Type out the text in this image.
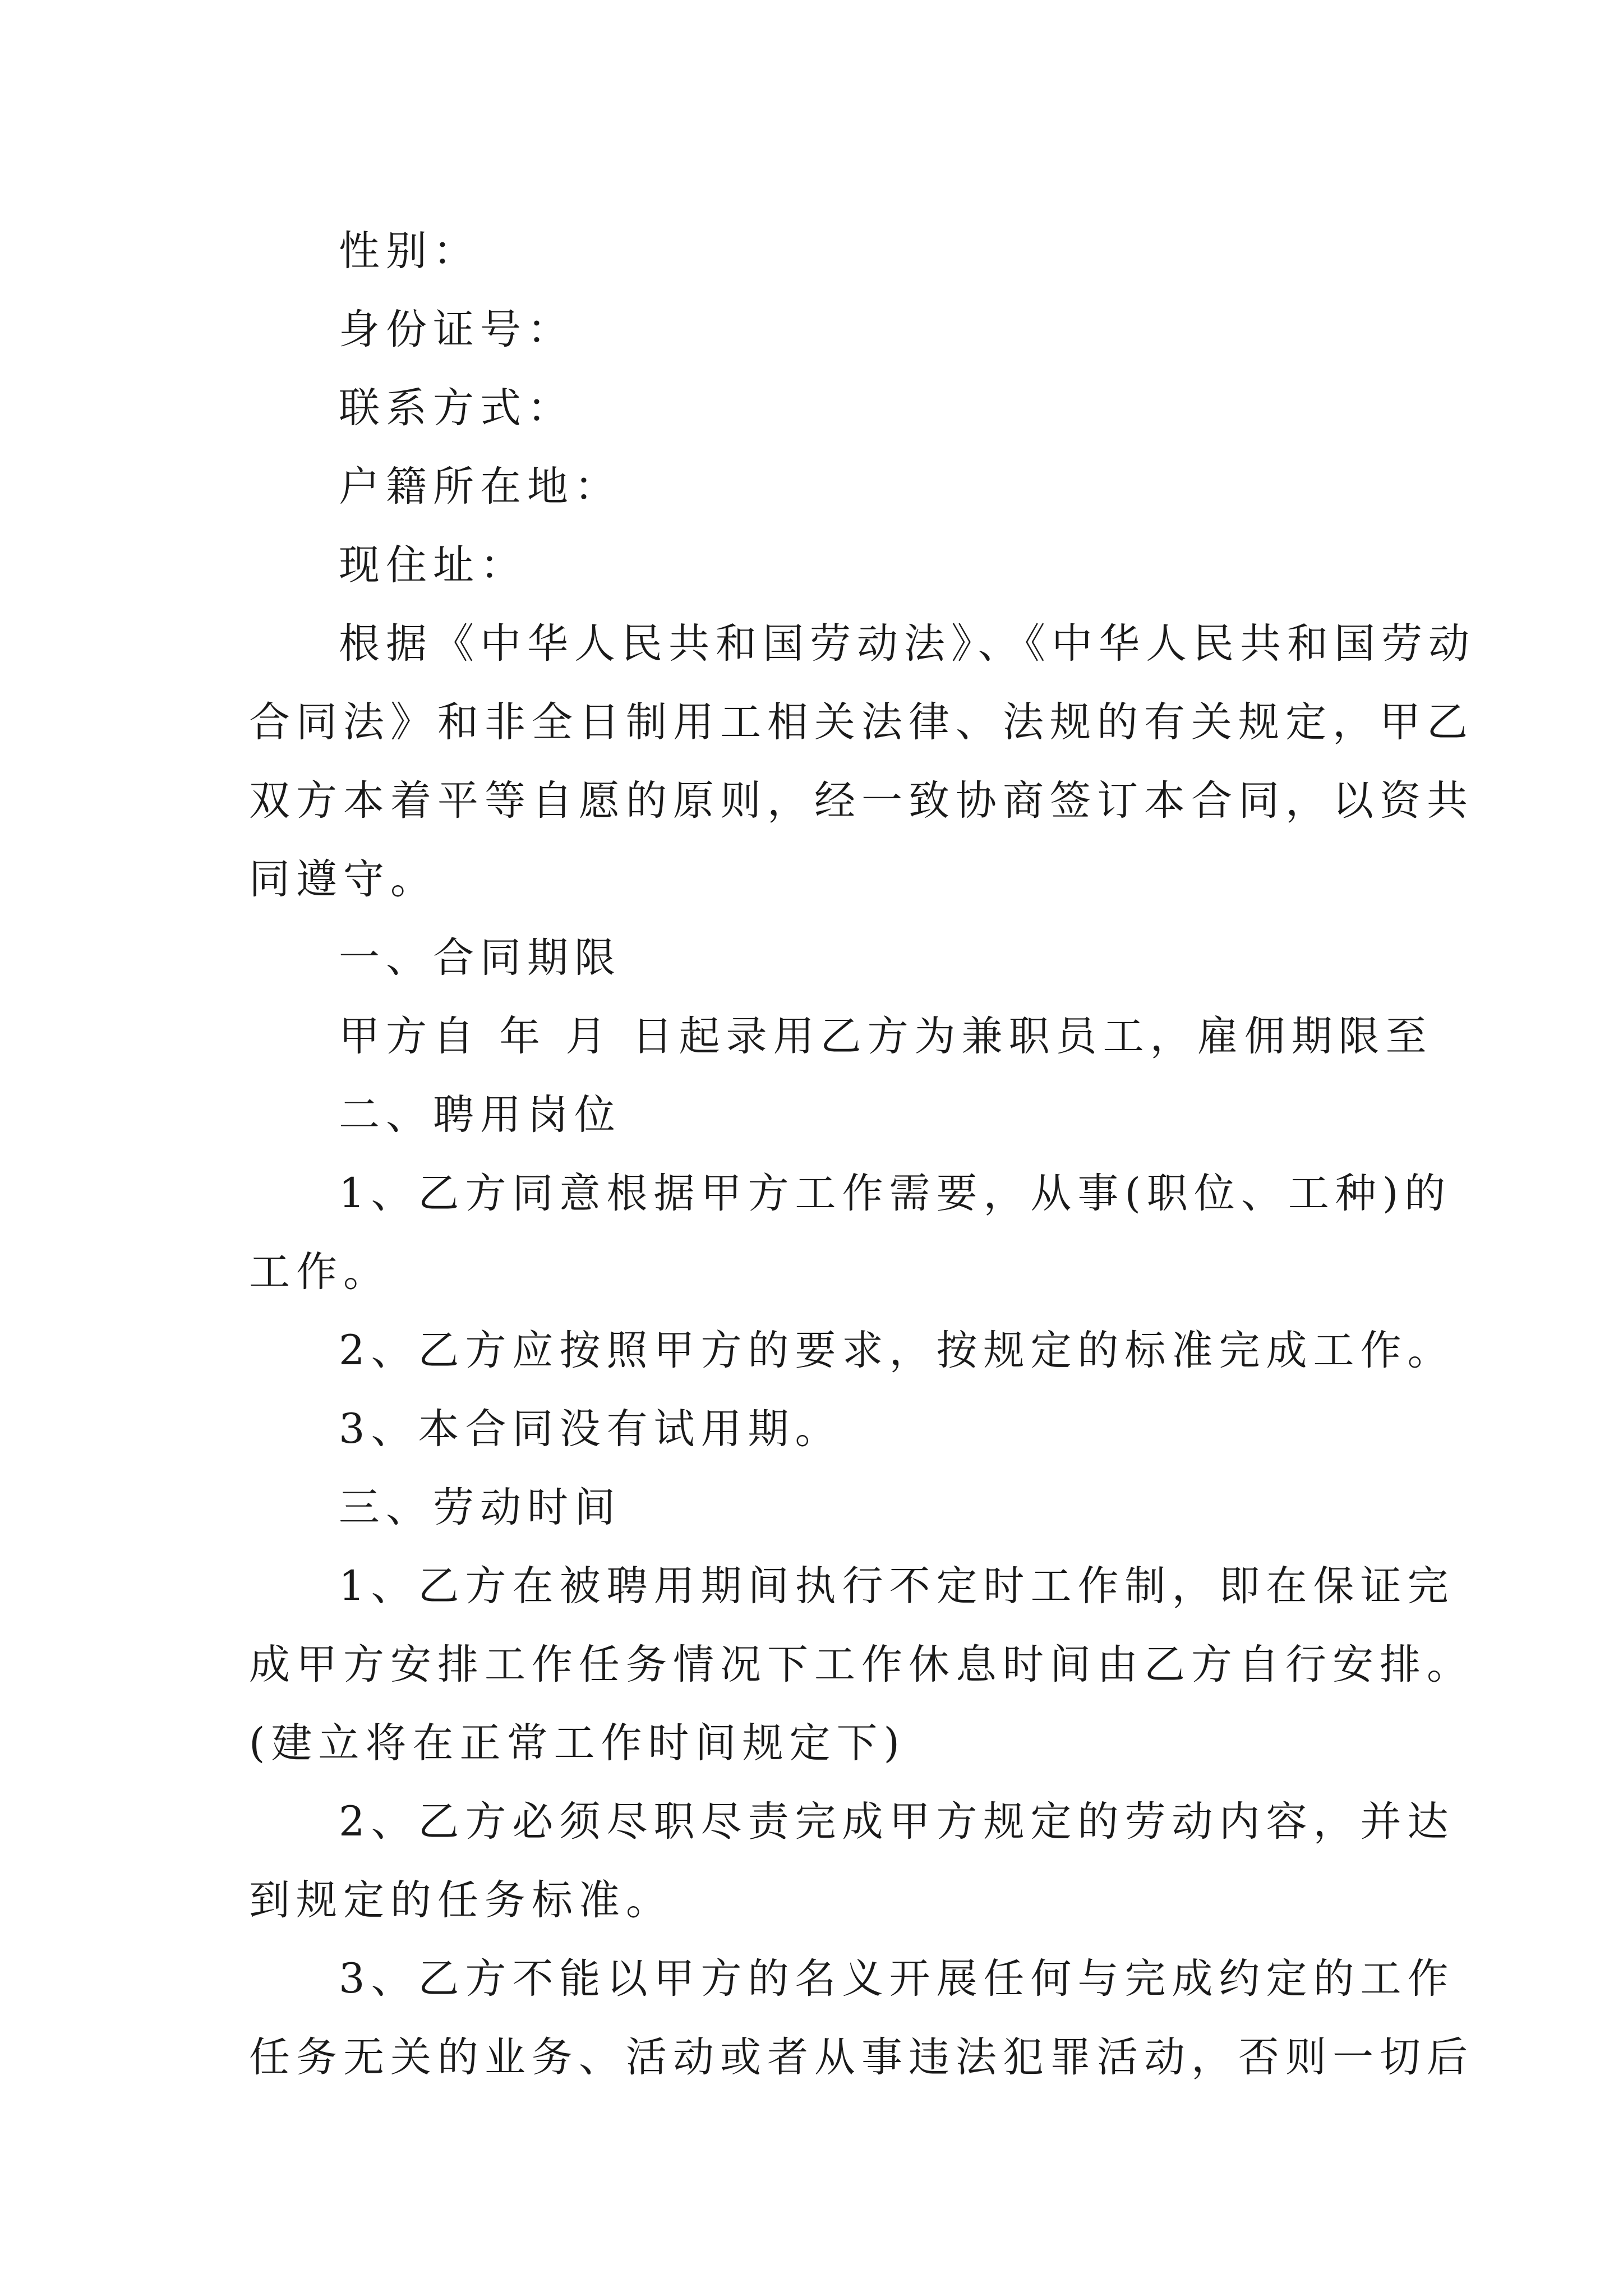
性别：
身份证号：
联系方式：
户籍所在地：
现住址：
根据《中华人民共和国劳动法》、《中华人民共和国劳动
合同法》和非全日制用工相关法律、法规的有关规定，甲乙
双方本着平等自愿的原则，经一致协商签订本合同，以资共
同遵守。
一、合同期限
甲方自 年 月 日起录用乙方为兼职员工，雇佣期限至
二、聘用岗位
1、乙方同意根据甲方工作需要，从事(职位、工种)的
工作。
2、乙方应按照甲方的要求，按规定的标准完成工作。
3、本合同没有试用期。
三、劳动时间
1、乙方在被聘用期间执行不定时工作制，即在保证完
成甲方安排工作任务情况下工作休息时间由乙方自行安排。
(建立将在正常工作时间规定下)
2、乙方必须尽职尽责完成甲方规定的劳动内容，并达
到规定的任务标准。
3、乙方不能以甲方的名义开展任何与完成约定的工作
任务无关的业务、活动或者从事违法犯罪活动，否则一切后
